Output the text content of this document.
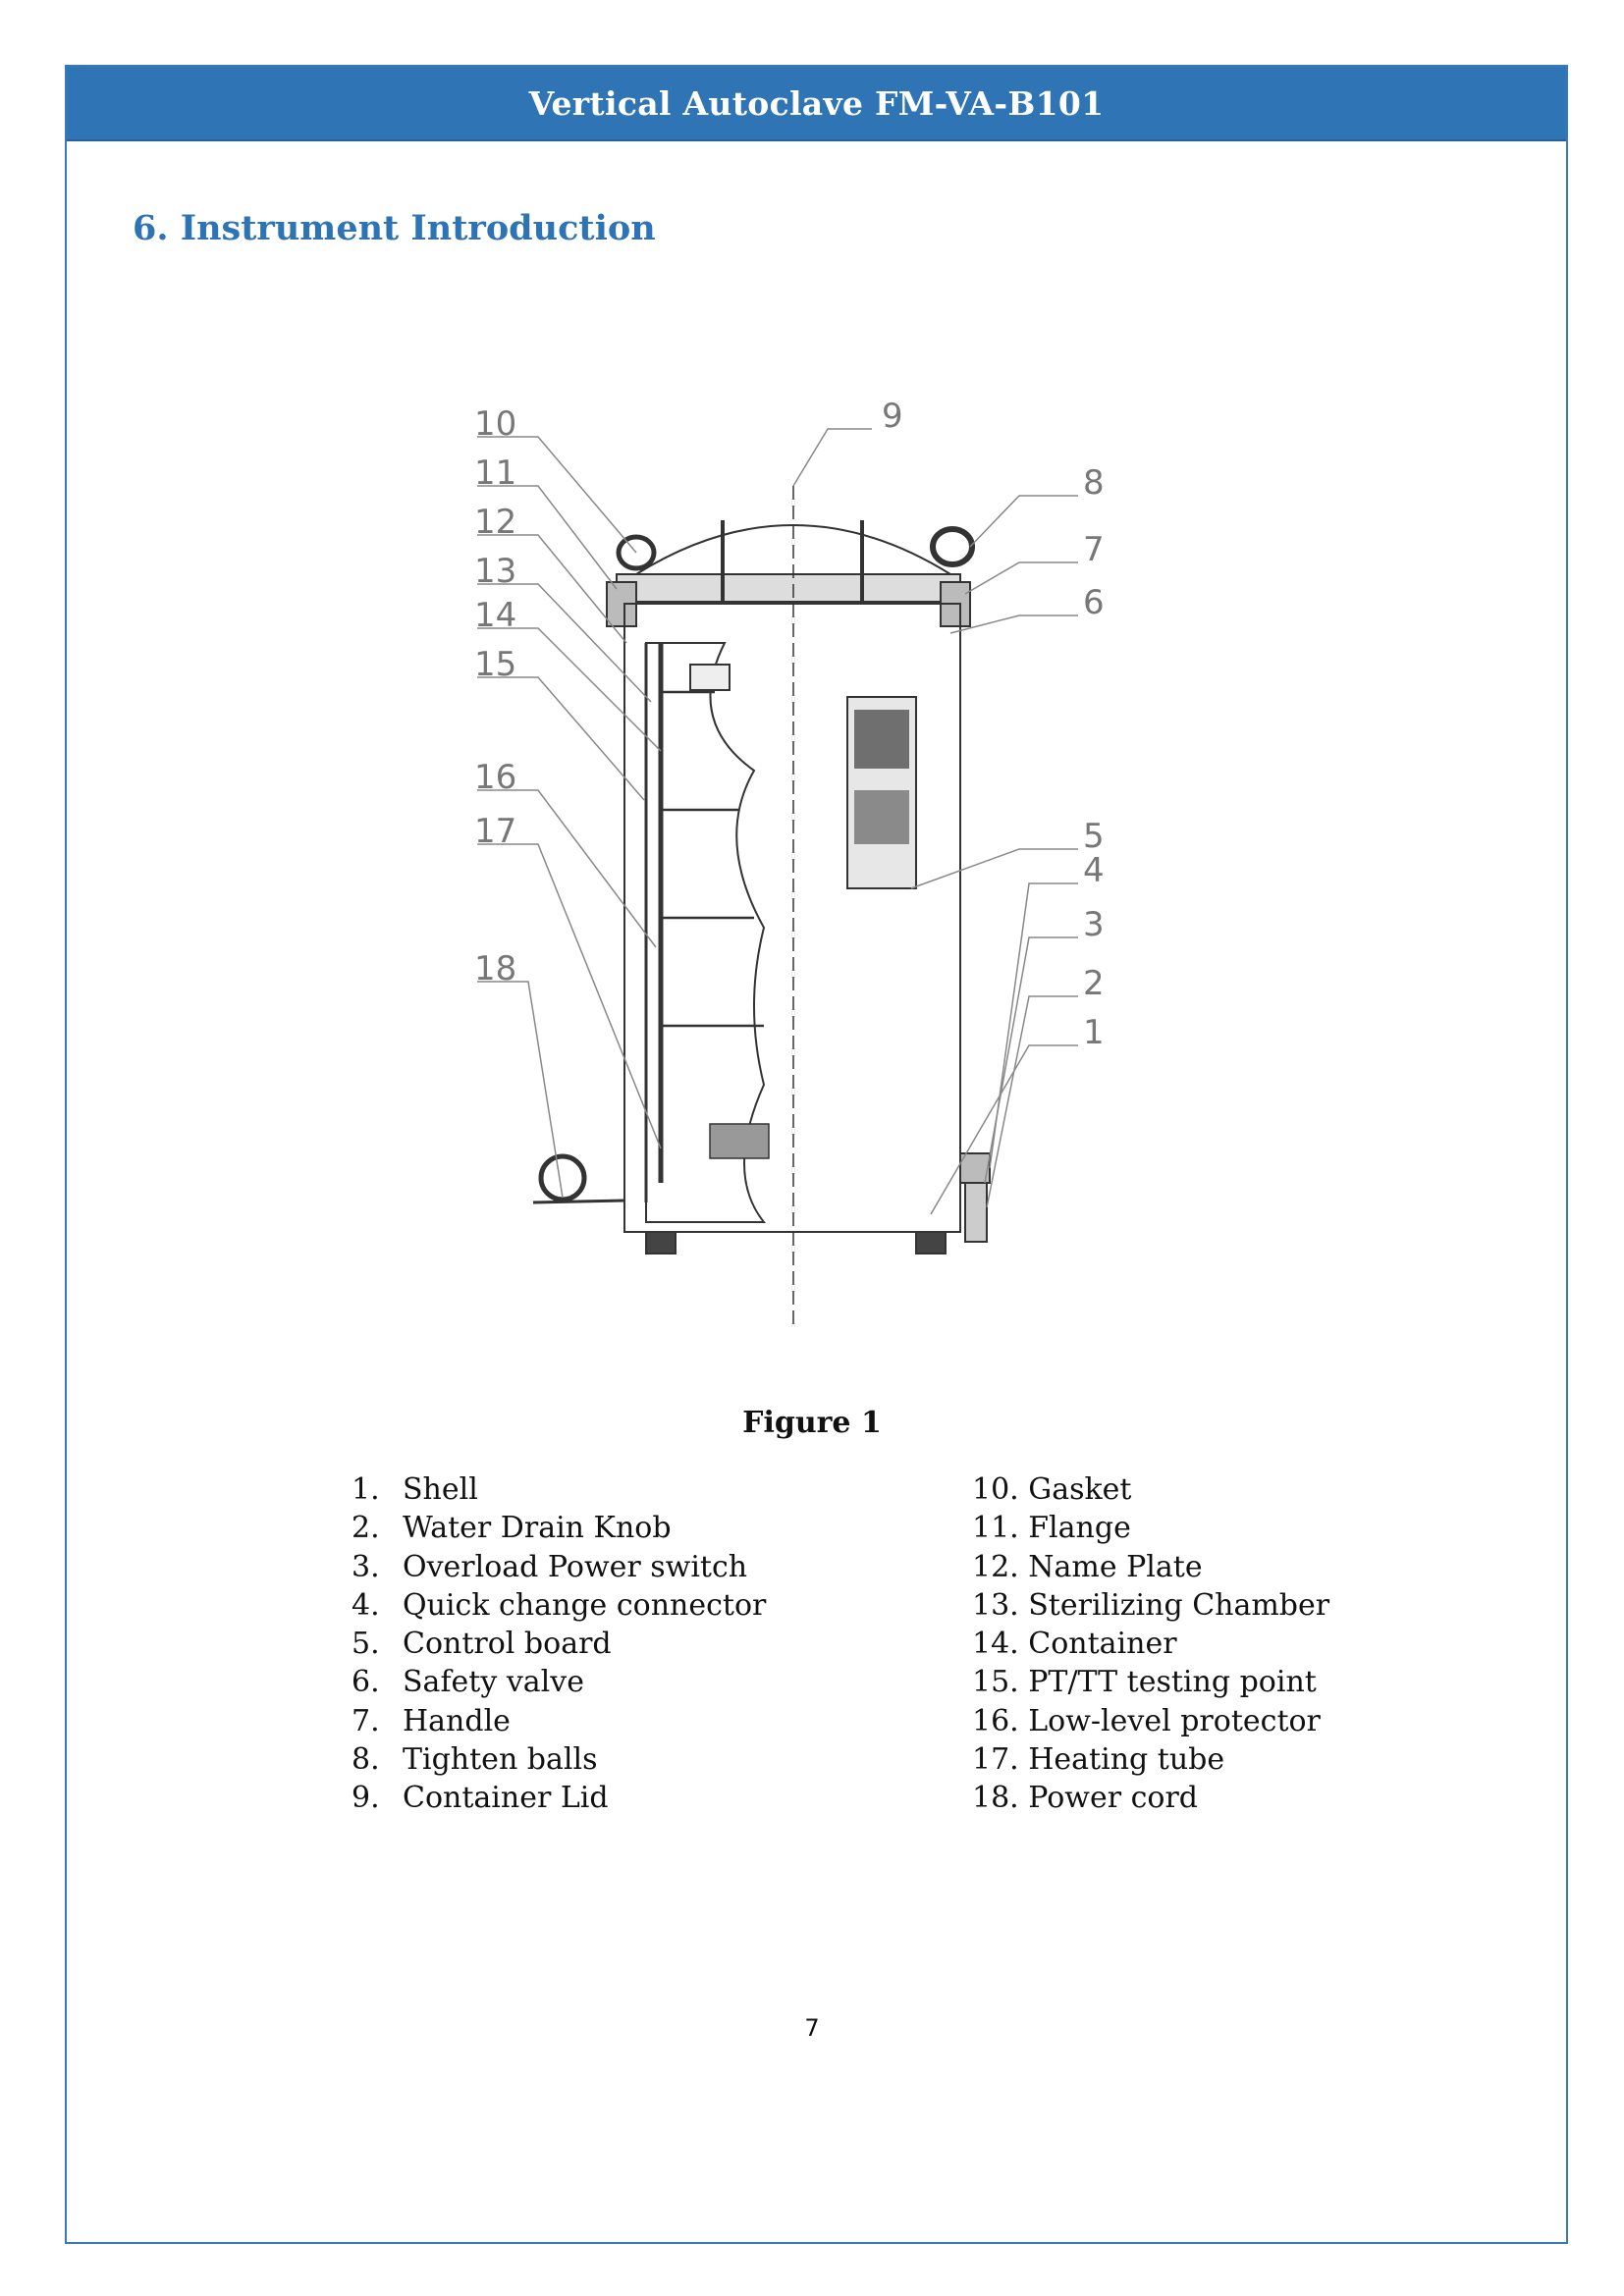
Vertical Autoclave FM-VA-B101
6. Instrument Introduction
9
10
11
12
13
14
15
16
17
18
8
7
6
5
4
3
2
1
Figure 1
1. Shell
2. Water Drain Knob
3. Overload Power switch
4. Quick change connector
5. Control board
6. Safety valve
7. Handle
8. Tighten balls
9. Container Lid
10. Gasket
11. Flange
12. Name Plate
13. Sterilizing Chamber
14. Container
15. PT/TT testing point
16. Low-level protector
17. Heating tube
18. Power cord
7
